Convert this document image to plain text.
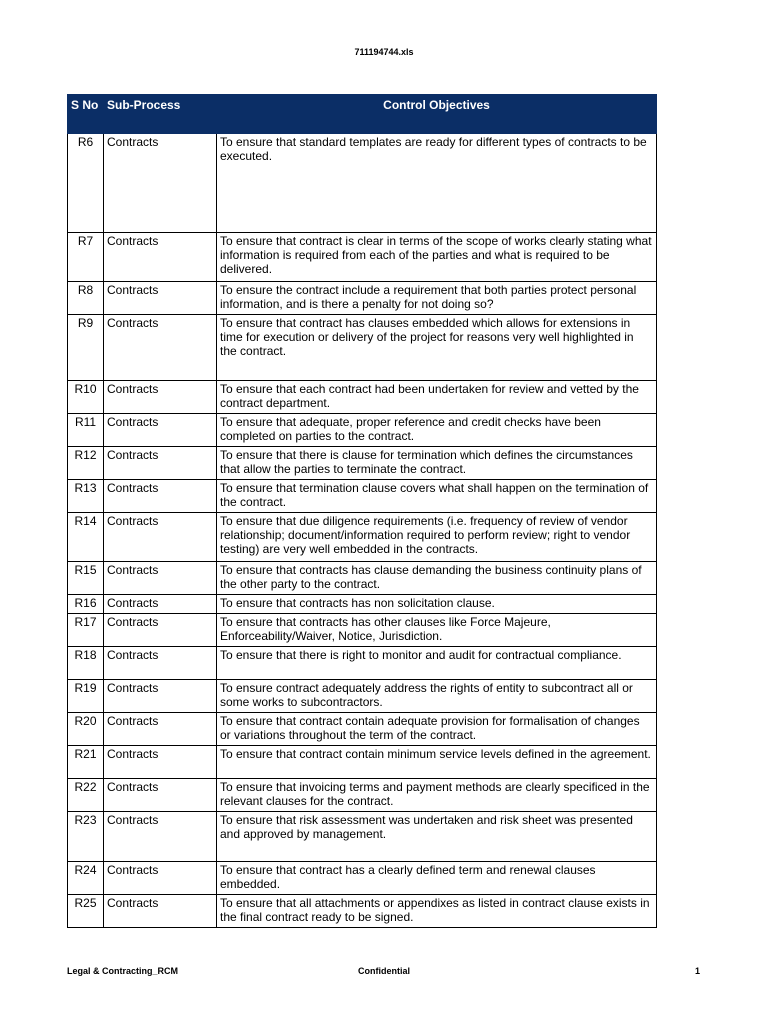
711194744.xls
S No	Sub-Process	Control Objectives
R6	Contracts	To ensure that standard templates are ready for different types of contracts to be executed.
R7	Contracts	To ensure that contract is clear in terms of the scope of works clearly stating what information is required from each of the parties and what is required to be delivered.
R8	Contracts	To ensure the contract include a requirement that both parties protect personal information, and is there a penalty for not doing so?
R9	Contracts	To ensure that contract has clauses embedded which allows for extensions in time for execution or delivery of the project for reasons very well highlighted in the contract.
R10	Contracts	To ensure that each contract had been undertaken for review and vetted by the contract department.
R11	Contracts	To ensure that adequate, proper reference and credit checks have been completed on parties to the contract.
R12	Contracts	To ensure that there is clause for termination which defines the circumstances that allow the parties to terminate the contract.
R13	Contracts	To ensure that termination clause covers what shall happen on the termination of the contract.
R14	Contracts	To ensure that due diligence requirements (i.e. frequency of review of vendor relationship; document/information required to perform review; right to vendor testing) are very well embedded in the contracts.
R15	Contracts	To ensure that contracts has clause demanding the business continuity plans of the other party to the contract.
R16	Contracts	To ensure that contracts has non solicitation clause.
R17	Contracts	To ensure that contracts has other clauses like Force Majeure, Enforceability/Waiver, Notice, Jurisdiction.
R18	Contracts	To ensure that there is right to monitor and audit for contractual compliance.
R19	Contracts	To ensure contract adequately address the rights of entity to subcontract all or some works to subcontractors.
R20	Contracts	To ensure that contract contain adequate provision for formalisation of changes or variations throughout the term of the contract.
R21	Contracts	To ensure that contract contain minimum service levels defined in the agreement.
R22	Contracts	To ensure that invoicing terms and payment methods are clearly specificed in the relevant clauses for the contract.
R23	Contracts	To ensure that risk assessment was undertaken and risk sheet was presented and approved by management.
R24	Contracts	To ensure that contract has a clearly defined term and renewal clauses embedded.
R25	Contracts	To ensure that all attachments or appendixes as listed in contract clause exists in the final contract ready to be signed.
Legal & Contracting_RCM	Confidential	1
